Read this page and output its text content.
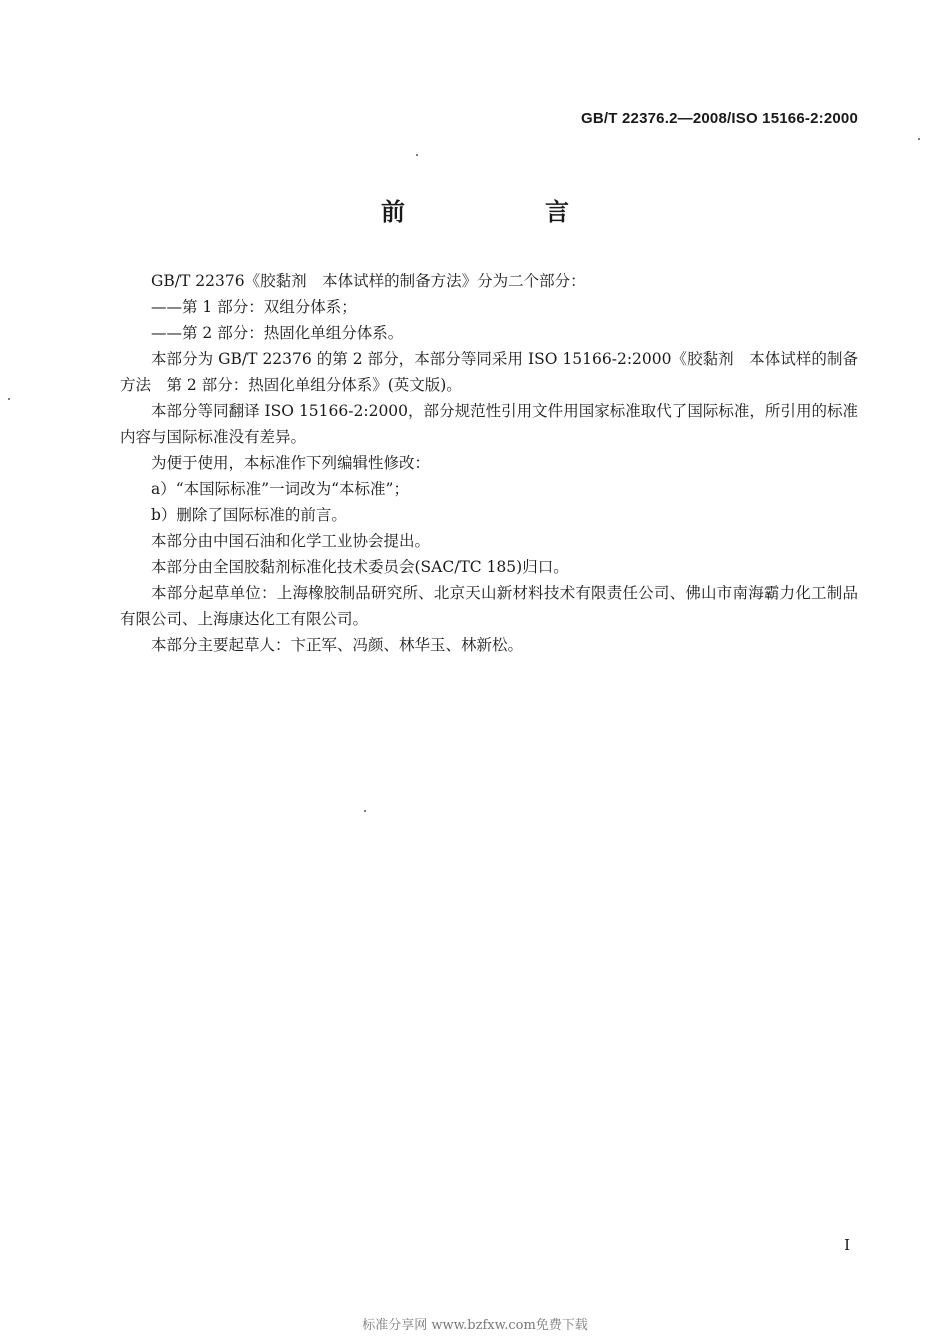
GB/T 22376.2—2008/ISO 15166-2:2000
前　言

GB/T 22376《胶黏剂　本体试样的制备方法》分为二个部分：

——第 1 部分：双组分体系；

——第 2 部分：热固化单组分体系。

本部分为 GB/T 22376 的第 2 部分，本部分等同采用 ISO 15166-2:2000《胶黏剂　本体试样的制备方法　第 2 部分：热固化单组分体系》(英文版)。

本部分等同翻译 ISO 15166-2:2000，部分规范性引用文件用国家标准取代了国际标准，所引用的标准内容与国际标准没有差异。

为便于使用，本标准作下列编辑性修改：

a）“本国际标准”一词改为“本标准”；

b）删除了国际标准的前言。

本部分由中国石油和化学工业协会提出。

本部分由全国胶黏剂标准化技术委员会(SAC/TC 185)归口。

本部分起草单位：上海橡胶制品研究所、北京天山新材料技术有限责任公司、佛山市南海霸力化工制品有限公司、上海康达化工有限公司。

本部分主要起草人：卞正军、冯颜、林华玉、林新松。

I
标准分享网 www.bzfxw.com免费下载
